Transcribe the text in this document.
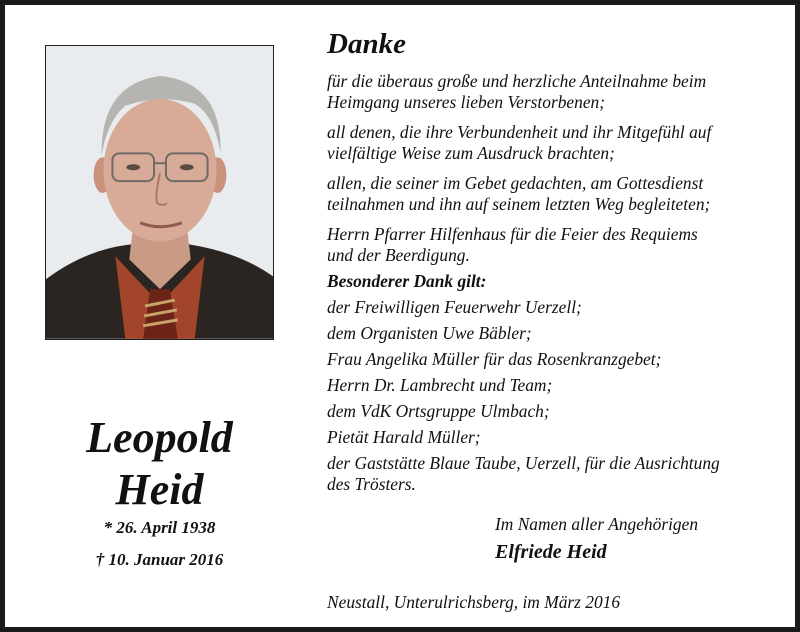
Leopold
Heid
* 26. April 1938
† 10. Januar 2016
Danke
für die überaus große und herzliche Anteilnahme beim
Heimgang unseres lieben Verstorbenen;
all denen, die ihre Verbundenheit und ihr Mitgefühl auf
vielfältige Weise zum Ausdruck brachten;
allen, die seiner im Gebet gedachten, am Gottesdienst
teilnahmen und ihn auf seinem letzten Weg begleiteten;
Herrn Pfarrer Hilfenhaus für die Feier des Requiems
und der Beerdigung.
Besonderer Dank gilt:
der Freiwilligen Feuerwehr Uerzell;
dem Organisten Uwe Bäbler;
Frau Angelika Müller für das Rosenkranzgebet;
Herrn Dr. Lambrecht und Team;
dem VdK Ortsgruppe Ulmbach;
Pietät Harald Müller;
der Gaststätte Blaue Taube, Uerzell, für die Ausrichtung
des Trösters.
Im Namen aller Angehörigen
Elfriede Heid
Neustall, Unterulrichsberg, im März 2016
